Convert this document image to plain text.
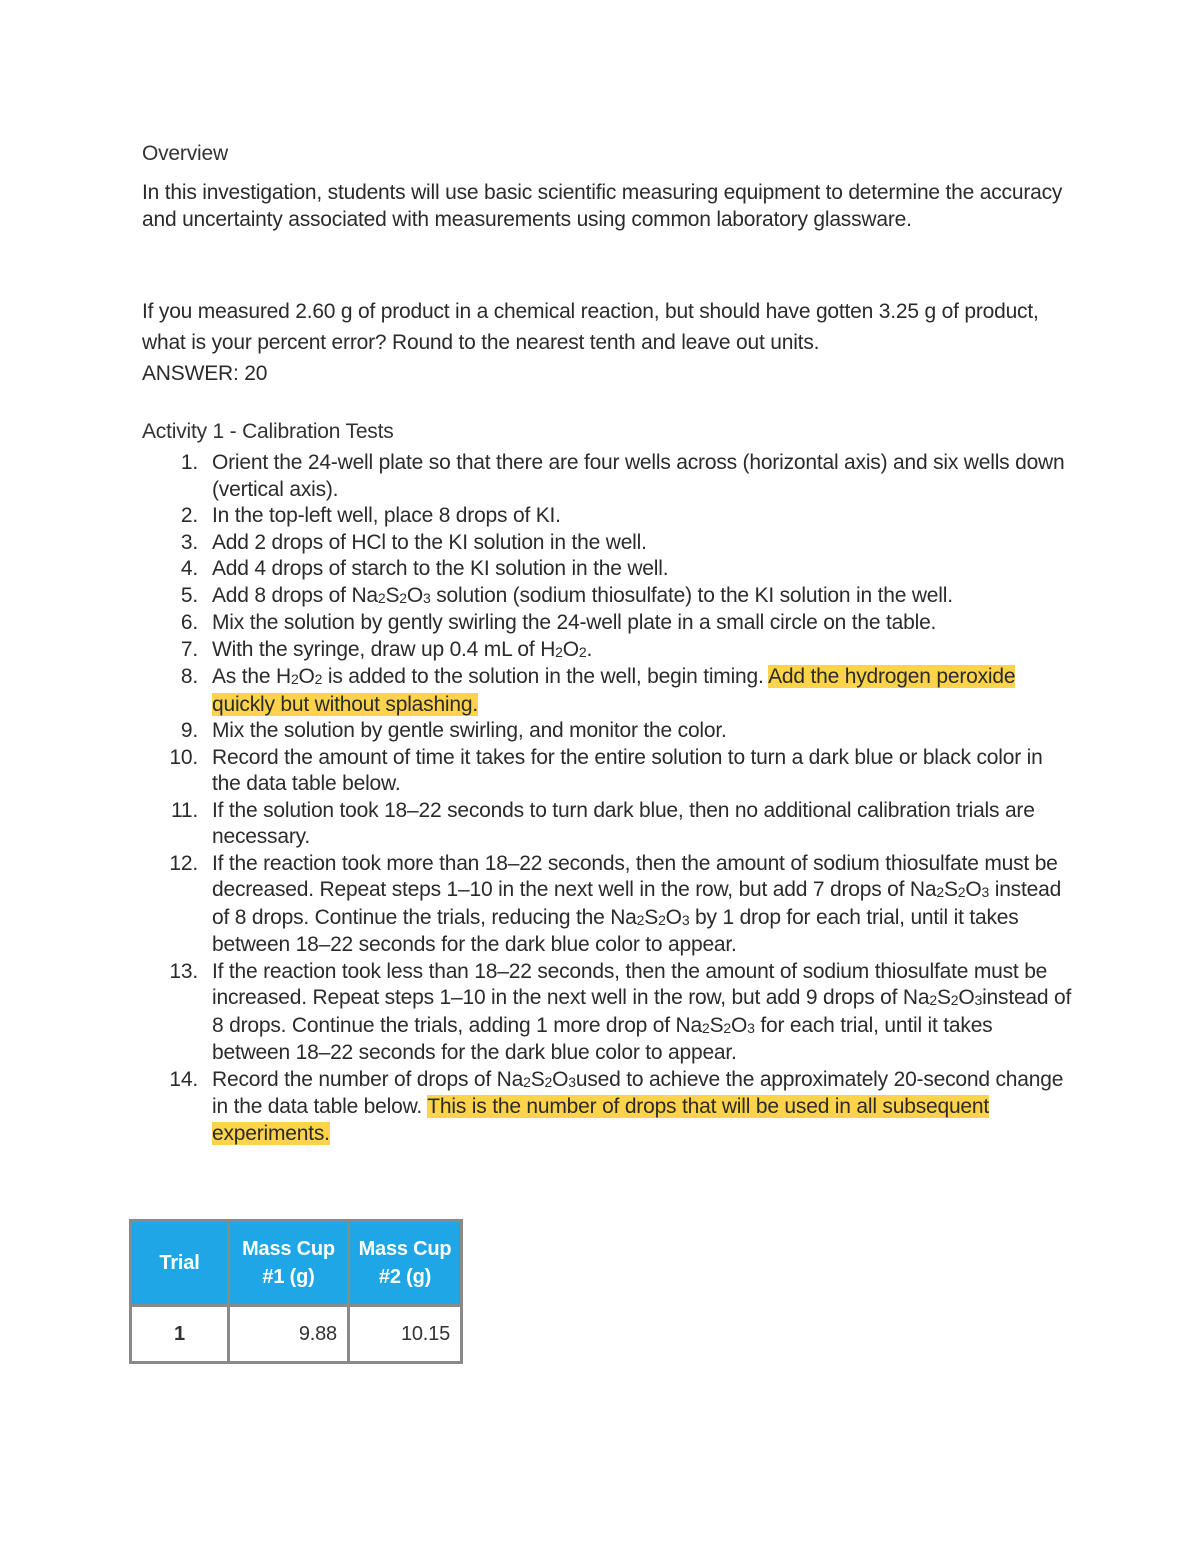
Overview
In this investigation, students will use basic scientific measuring equipment to determine the accuracy and uncertainty associated with measurements using common laboratory glassware.
If you measured 2.60 g of product in a chemical reaction, but should have gotten 3.25 g of product, what is your percent error? Round to the nearest tenth and leave out units.
ANSWER: 20
Activity 1 - Calibration Tests
1 . Orient the 24-well plate so that there are four wells across (horizontal axis) and six wells down (vertical axis).
2 . In the top-left well, place 8 drops of KI.
3 . Add 2 drops of HCl to the KI solution in the well.
4 . Add 4 drops of starch to the KI solution in the well.
5 . Add 8 drops of $Na_2S_2O_3$ solution (sodium thiosulfate) to the KI solution in the well.
6 . Mix the solution by gently swirling the 24-well plate in a small circle on the table.
7 . With the syringe, draw up 0.4 mL of $H_2O_2$.
8 . As the $H_2O_2$ is added to the solution in the well, begin timing. Add the hydrogen peroxide quickly but without splashing.
9 . Mix the solution by gentle swirling, and monitor the color.
10 . Record the amount of time it takes for the entire solution to turn a dark blue or black color in the data table below.
11 . If the solution took 18–22 seconds to turn dark blue, then no additional calibration trials are necessary.
12 . If the reaction took more than 18–22 seconds, then the amount of sodium thiosulfate must be decreased. Repeat steps 1–10 in the next well in the row, but add 7 drops of $Na_2S_2O_3$ instead of 8 drops. Continue the trials, reducing the $Na_2S_2O_3$ by 1 drop for each trial, until it takes between 18–22 seconds for the dark blue color to appear.
13 . If the reaction took less than 18–22 seconds, then the amount of sodium thiosulfate must be increased. Repeat steps 1–10 in the next well in the row, but add 9 drops of $Na_2S_2O_3instead$ of 8 drops. Continue the trials, adding 1 more drop of $Na_2S_2O_3$ for each trial, until it takes between 18–22 seconds for the dark blue color to appear.
14 . Record the number of drops of $Na_2S_2O_3used$ to achieve the approximately 20-second change in the data table below. This is the number of drops that will be used in all subsequent experiments.
Trial	Mass Cup #1 (g)	Mass Cup #2 (g)
1	9.88	10.15
